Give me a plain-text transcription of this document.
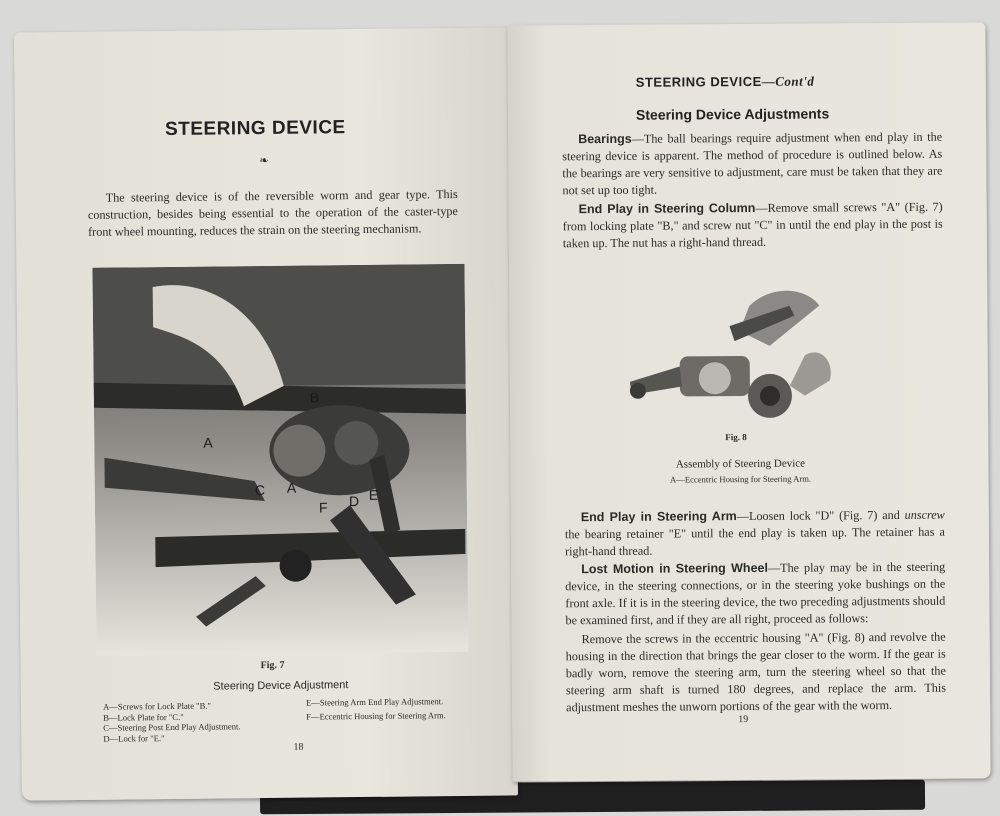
STEERING DEVICE
❧

The steering device is of the reversible worm and gear type. This construction, besides being essential to the operation of the caster-type front wheel mounting, reduces the strain on the steering mechanism.

A
B
C A
F D E
Fig. 7
Steering Device Adjustment
A—Screws for Lock Plate "B."
B—Lock Plate for "C."
C—Steering Post End Play Adjustment.
D—Lock for "E."
E—Steering Arm End Play Adjustment.
F—Eccentric Housing for Steering Arm.
18
STEERING DEVICE—Cont'd
Steering Device Adjustments

Bearings—The ball bearings require adjustment when end play in the steering device is apparent. The method of procedure is outlined below. As the bearings are very sensitive to adjustment, care must be taken that they are not set up too tight.

End Play in Steering Column—Remove small screws "A" (Fig. 7) from locking plate "B," and screw nut "C" in until the end play in the post is taken up. The nut has a right-hand thread.

Fig. 8
Assembly of Steering Device
A—Eccentric Housing for Steering Arm.

End Play in Steering Arm—Loosen lock "D" (Fig. 7) and unscrew the bearing retainer "E" until the end play is taken up. The retainer has a right-hand thread.

Lost Motion in Steering Wheel—The play may be in the steering device, in the steering connections, or in the steering yoke bushings on the front axle. If it is in the steering device, the two preceding adjustments should be examined first, and if they are all right, proceed as follows:

Remove the screws in the eccentric housing "A" (Fig. 8) and revolve the housing in the direction that brings the gear closer to the worm. If the gear is badly worn, remove the steering arm, turn the steering wheel so that the steering arm shaft is turned 180 degrees, and replace the arm. This adjustment meshes the unworn portions of the gear with the worm.

19
